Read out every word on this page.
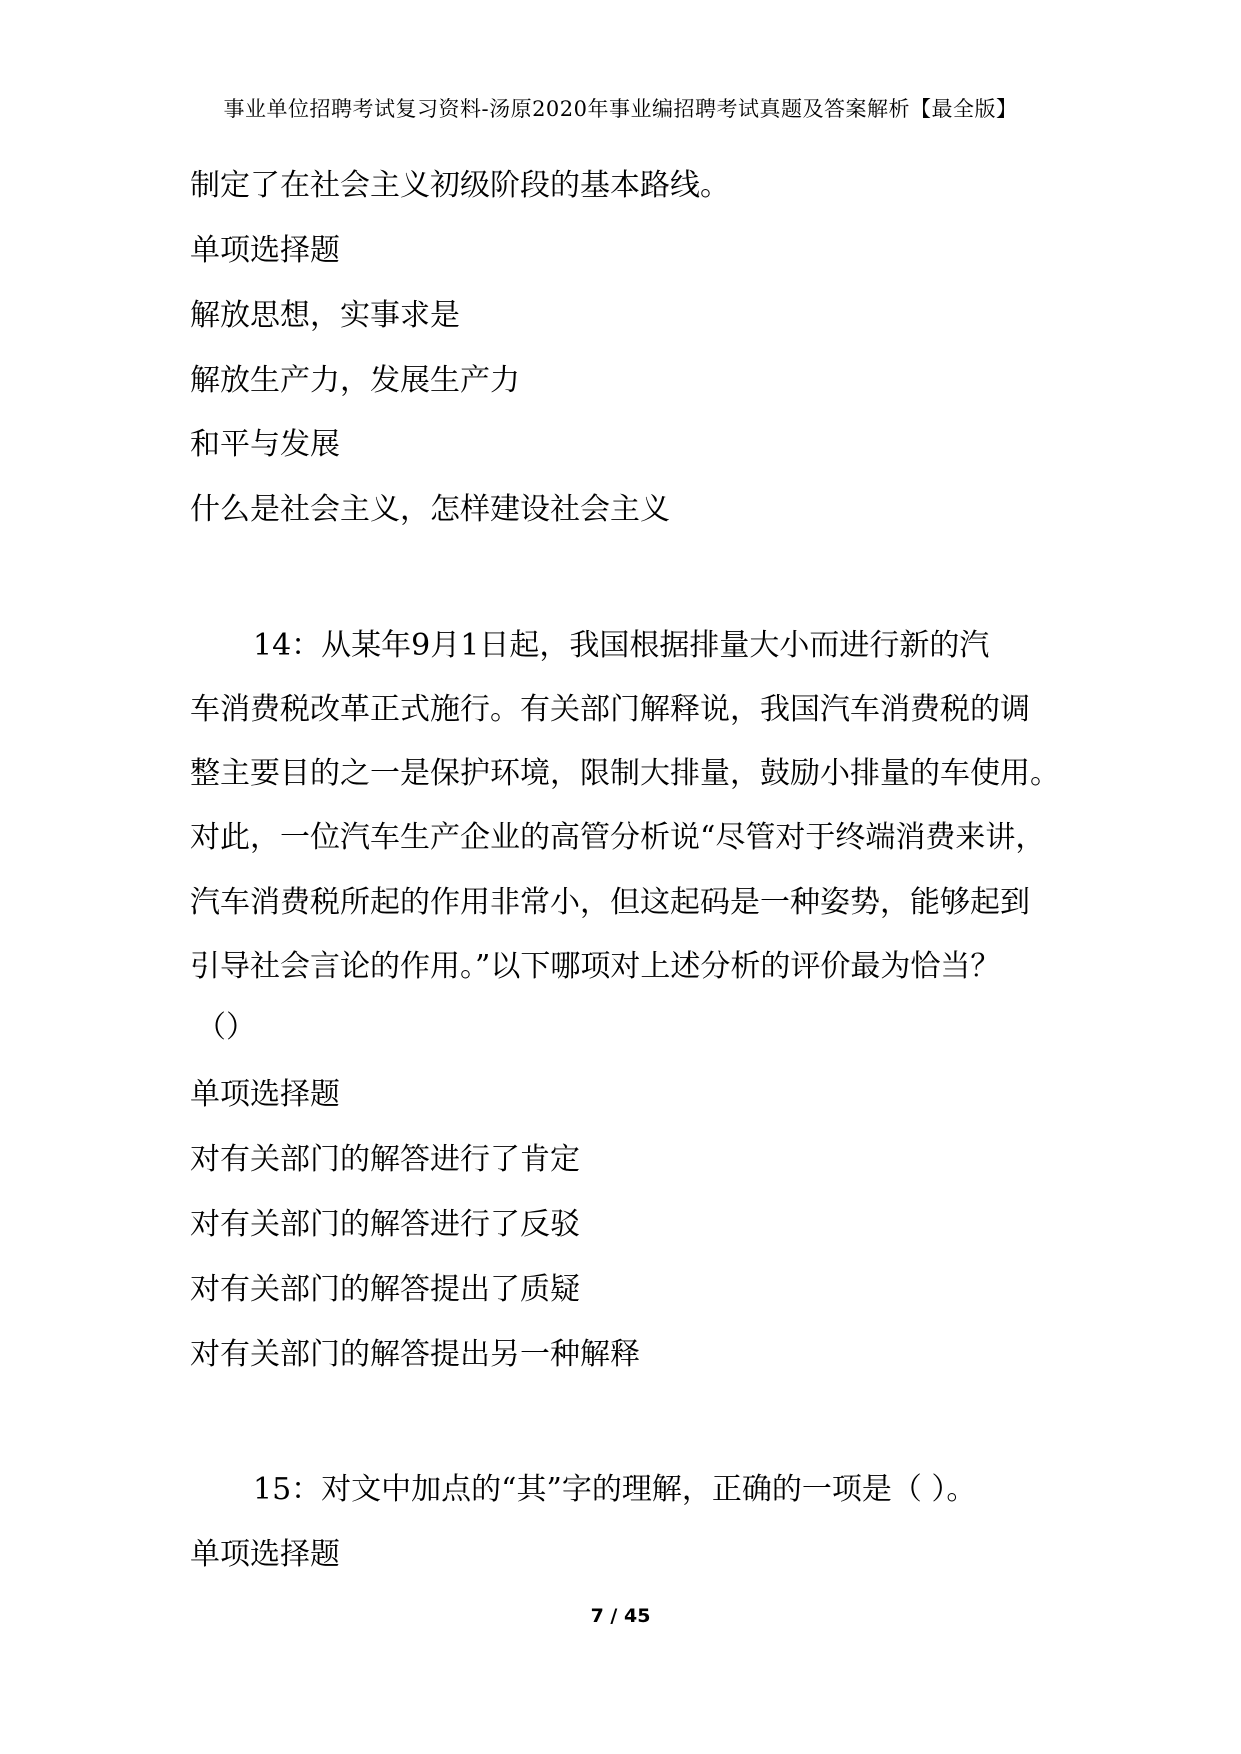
事业单位招聘考试复习资料-汤原2020年事业编招聘考试真题及答案解析【最全版】
制定了在社会主义初级阶段的基本路线。
单项选择题
解放思想，实事求是
解放生产力，发展生产力
和平与发展
什么是社会主义，怎样建设社会主义
14：从某年9月1日起，我国根据排量大小而进行新的汽
车消费税改革正式施行。有关部门解释说，我国汽车消费税的调
整主要目的之一是保护环境，限制大排量，鼓励小排量的车使用。
对此，一位汽车生产企业的高管分析说“尽管对于终端消费来讲，
汽车消费税所起的作用非常小，但这起码是一种姿势，能够起到
引导社会言论的作用。”以下哪项对上述分析的评价最为恰当？
（）
单项选择题
对有关部门的解答进行了肯定
对有关部门的解答进行了反驳
对有关部门的解答提出了质疑
对有关部门的解答提出另一种解释
15：对文中加点的“其”字的理解，正确的一项是（ ）。
单项选择题
7 / 45
